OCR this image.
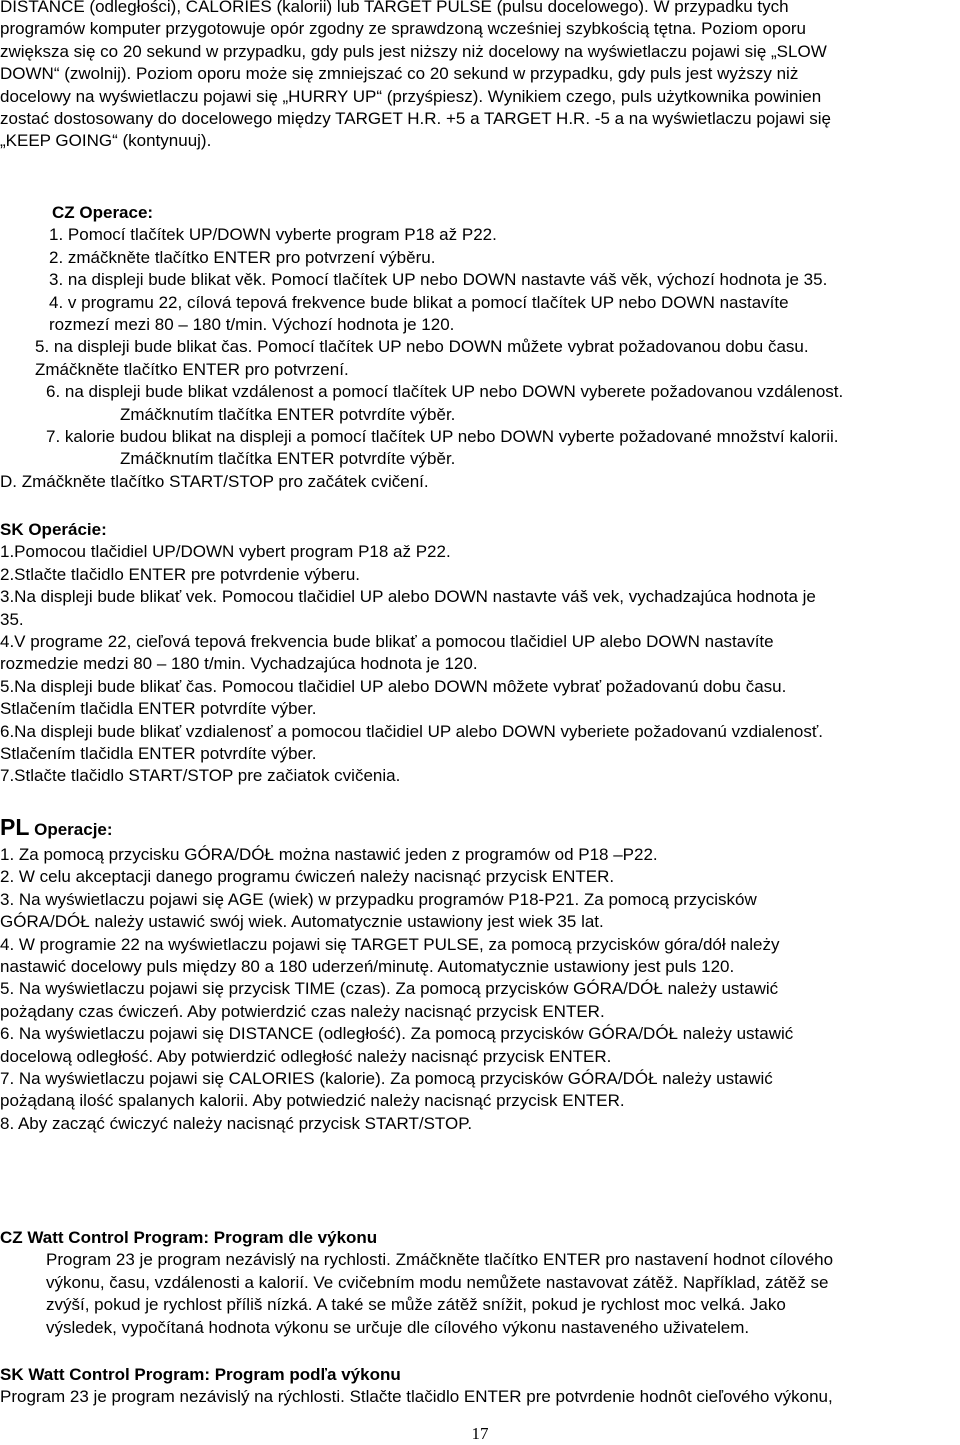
DISTANCE (odległości), CALORIES (kalorii) lub TARGET PULSE (pulsu docelowego). W przypadku tych

programów komputer przygotowuje opór zgodny ze sprawdzoną wcześniej szybkością tętna. Poziom oporu

zwiększa się co 20 sekund w przypadku, gdy puls jest niższy niż docelowy na wyświetlaczu pojawi się „SLOW

DOWN“ (zwolnij). Poziom oporu może się zmniejszać co 20 sekund w przypadku, gdy puls jest wyższy niż

docelowy na wyświetlaczu pojawi się „HURRY UP“ (przyśpiesz). Wynikiem czego, puls użytkownika powinien

zostać dostosowany do docelowego między TARGET H.R. +5 a TARGET H.R. -5 a na wyświetlaczu pojawi się

„KEEP GOING“ (kontynuuj).

CZ Operace:

1. Pomocí tlačítek UP/DOWN vyberte program P18 až P22.

2. zmáčkněte tlačítko ENTER pro potvrzení výběru.

3. na displeji bude blikat věk. Pomocí tlačítek UP nebo DOWN nastavte váš věk, výchozí hodnota je 35.

4. v programu 22, cílová tepová frekvence bude blikat a pomocí tlačítek UP nebo DOWN nastavíte

rozmezí mezi 80 – 180 t/min. Výchozí hodnota je 120.

5. na displeji bude blikat čas. Pomocí tlačítek UP nebo DOWN můžete vybrat požadovanou dobu času.

Zmáčkněte tlačítko ENTER pro potvrzení.

6. na displeji bude blikat vzdálenost a pomocí tlačítek UP nebo DOWN vyberete požadovanou vzdálenost.

Zmáčknutím tlačítka ENTER potvrdíte výběr.

7. kalorie budou blikat na displeji a pomocí tlačítek UP nebo DOWN vyberte požadované množství kalorii.

Zmáčknutím tlačítka ENTER potvrdíte výběr.

D. Zmáčkněte tlačítko START/STOP pro začátek cvičení.

SK Operácie:

1.Pomocou tlačidiel UP/DOWN vybert program P18 až P22.

2.Stlačte tlačidlo ENTER pre potvrdenie výberu.

3.Na displeji bude blikať vek. Pomocou tlačidiel UP alebo DOWN nastavte váš vek, vychadzajúca hodnota je

35.

4.V programe 22, cieľová tepová frekvencia bude blikať a pomocou tlačidiel UP alebo DOWN nastavíte

rozmedzie medzi 80 – 180 t/min. Vychadzajúca hodnota je 120.

5.Na displeji bude blikať čas. Pomocou tlačidiel UP alebo DOWN môžete vybrať požadovanú dobu času.

Stlačením tlačidla ENTER potvrdíte výber.

6.Na displeji bude blikať vzdialenosť a pomocou tlačidiel UP alebo DOWN vyberiete požadovanú vzdialenosť.

Stlačením tlačidla ENTER potvrdíte výber.

7.Stlačte tlačidlo START/STOP pre začiatok cvičenia.

PL Operacje:

1. Za pomocą przycisku GÓRA/DÓŁ można nastawić jeden z programów od P18 –P22.

2. W celu akceptacji danego programu ćwiczeń należy nacisnąć przycisk ENTER.

3. Na wyświetlaczu pojawi się AGE (wiek) w przypadku programów P18-P21. Za pomocą przycisków

GÓRA/DÓŁ należy ustawić swój wiek. Automatycznie ustawiony jest wiek 35 lat.

4. W programie 22 na wyświetlaczu pojawi się TARGET PULSE, za pomocą przycisków góra/dół należy

nastawić docelowy puls między 80 a 180 uderzeń/minutę. Automatycznie ustawiony jest puls 120.

5. Na wyświetlaczu pojawi się przycisk TIME (czas). Za pomocą przycisków GÓRA/DÓŁ należy ustawić

pożądany czas ćwiczeń. Aby potwierdzić czas należy nacisnąć przycisk ENTER.

6. Na wyświetlaczu pojawi się DISTANCE (odległość). Za pomocą przycisków GÓRA/DÓŁ należy ustawić

docelową odległość. Aby potwierdzić odległość należy nacisnąć przycisk ENTER.

7. Na wyświetlaczu pojawi się CALORIES (kalorie). Za pomocą przycisków GÓRA/DÓŁ należy ustawić

pożądaną ilość spalanych kalorii. Aby potwiedzić należy nacisnąć przycisk ENTER.

8. Aby zacząć ćwiczyć należy nacisnąć przycisk START/STOP.

CZ Watt Control Program: Program dle výkonu

Program 23 je program nezávislý na rychlosti. Zmáčkněte tlačítko ENTER pro nastavení hodnot cílového

výkonu, času, vzdálenosti a kalorií. Ve cvičebním modu nemůžete nastavovat zátěž. Například, zátěž se

zvýší, pokud je rychlost příliš nízká. A také se může zátěž snížit, pokud je rychlost moc velká. Jako

výsledek, vypočítaná hodnota výkonu se určuje dle cílového výkonu nastaveného uživatelem.

SK Watt Control Program: Program podľa výkonu

Program 23 je program nezávislý na rýchlosti. Stlačte tlačidlo ENTER pre potvrdenie hodnôt cieľového výkonu,

17
